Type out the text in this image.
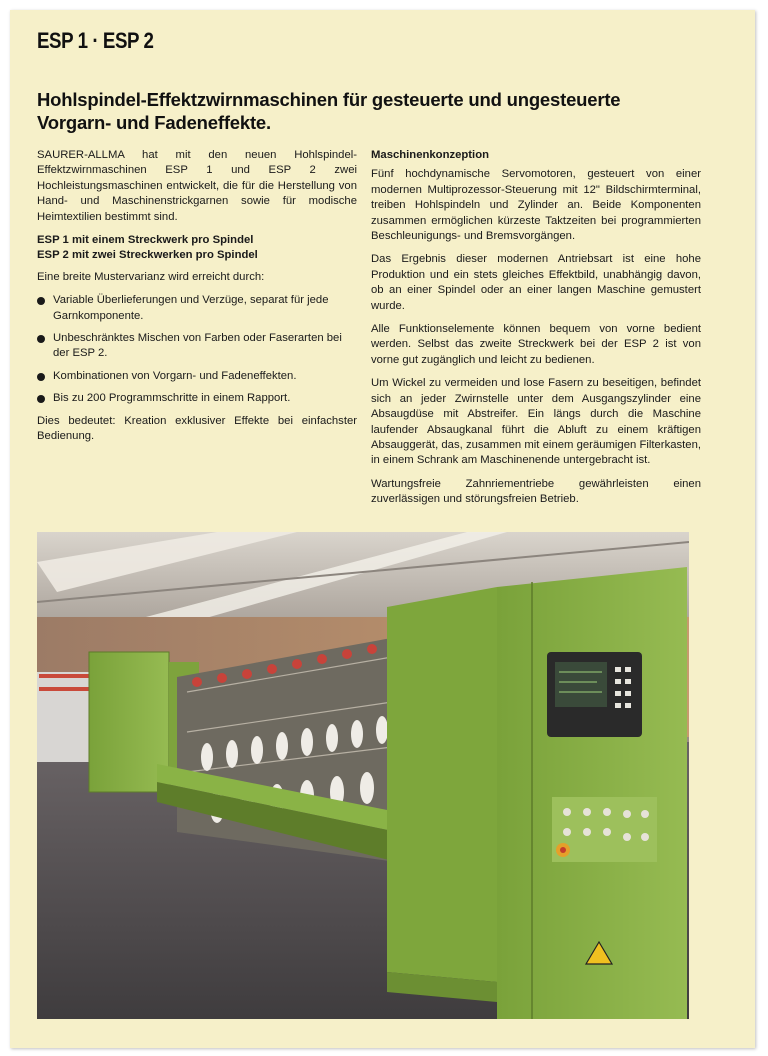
ESP 1 · ESP 2
Hohlspindel-Effektzwirnmaschinen für gesteuerte und ungesteuerte Vorgarn- und Fadeneffekte.

SAURER-ALLMA hat mit den neuen Hohlspindel-Effektzwirnmaschinen ESP 1 und ESP 2 zwei Hochleistungsmaschinen entwickelt, die für die Herstellung von Hand- und Maschinenstrickgarnen sowie für modische Heimtextilien bestimmt sind.

ESP 1 mit einem Streckwerk pro Spindel
ESP 2 mit zwei Streckwerken pro Spindel

Eine breite Mustervarianz wird erreicht durch:

Variable Überlieferungen und Verzüge, separat für jede Garnkomponente.
Unbeschränktes Mischen von Farben oder Faserarten bei der ESP 2.
Kombinationen von Vorgarn- und Fadeneffekten.
Bis zu 200 Programmschritte in einem Rapport.

Dies bedeutet: Kreation exklusiver Effekte bei einfachster Bedienung.

Maschinenkonzeption

Fünf hochdynamische Servomotoren, gesteuert von einer modernen Multiprozessor-Steuerung mit 12" Bildschirmterminal, treiben Hohlspindeln und Zylinder an. Beide Komponenten zusammen ermöglichen kürzeste Taktzeiten bei programmierten Beschleunigungs- und Bremsvorgängen.

Das Ergebnis dieser modernen Antriebsart ist eine hohe Produktion und ein stets gleiches Effektbild, unabhängig davon, ob an einer Spindel oder an einer langen Maschine gemustert wurde.

Alle Funktionselemente können bequem von vorne bedient werden. Selbst das zweite Streckwerk bei der ESP 2 ist von vorne gut zugänglich und leicht zu bedienen.

Um Wickel zu vermeiden und lose Fasern zu beseitigen, befindet sich an jeder Zwirnstelle unter dem Ausgangszylinder eine Absaugdüse mit Abstreifer. Ein längs durch die Maschine laufender Absaugkanal führt die Abluft zu einem kräftigen Absauggerät, das, zusammen mit einem geräumigen Filterkasten, in einem Schrank am Maschinenende untergebracht ist.

Wartungsfreie Zahnriementriebe gewährleisten einen zuverlässigen und störungsfreien Betrieb.
